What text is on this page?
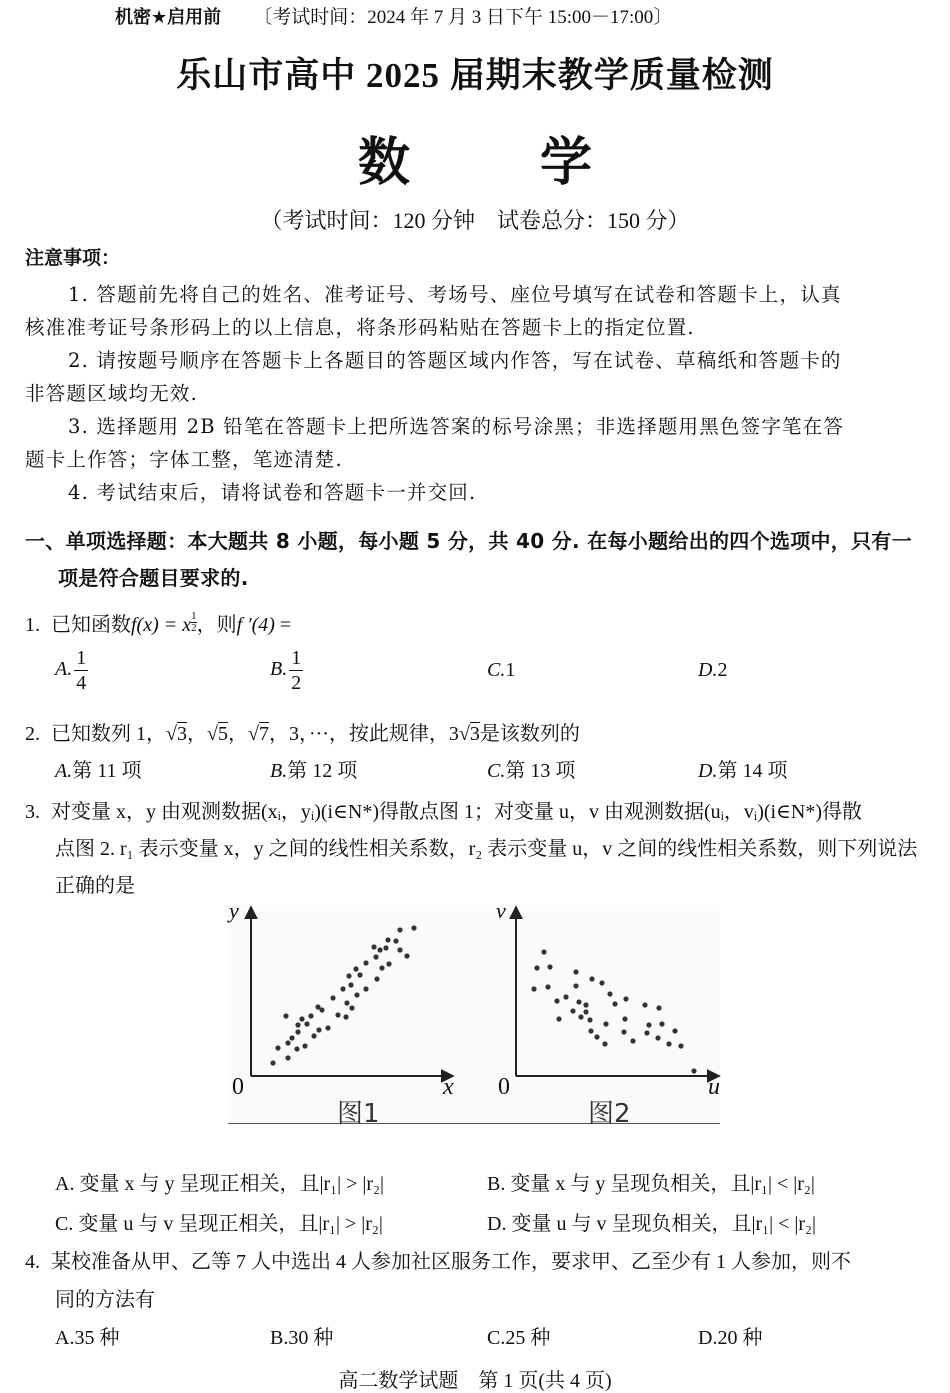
机密★启用前 〔考试时间：2024 年 7 月 3 日下午 15:00－17:00〕
乐山市高中 2025 届期末教学质量检测
数	学
（考试时间：120 分钟　试卷总分：150 分）
注意事项：
1. 答题前先将自己的姓名、准考证号、考场号、座位号填写在试卷和答题卡上，认真
核准准考证号条形码上的以上信息，将条形码粘贴在答题卡上的指定位置.
2. 请按题号顺序在答题卡上各题目的答题区域内作答，写在试卷、草稿纸和答题卡的
非答题区域均无效.
3. 选择题用 2B 铅笔在答题卡上把所选答案的标号涂黑；非选择题用黑色签字笔在答
题卡上作答；字体工整，笔迹清楚.
4. 考试结束后，请将试卷和答题卡一并交回.
一、单项选择题：本大题共 8 小题，每小题 5 分，共 40 分. 在每小题给出的四个选项中，只有一
项是符合题目要求的.
1. 已知函数f(x) = x $^{\frac{1}{2}}$ ，则f ′(4) =
A. $\frac{1}{4}$	B. $\frac{1}{2}$	C.1	D.2
2. 已知数列 1，√3，√5，√7，3，···，按此规律，3√3是该数列的
A.第 11 项	B.第 12 项	C.第 13 项	D.第 14 项
3. 对变量 x，y 由观测数据(xᵢ，yᵢ)(i∈N*)得散点图 1；对变量 u，v 由观测数据(uᵢ，vᵢ)(i∈N*)得散
点图 2. r₁ 表示变量 x，y 之间的线性相关系数，r₂ 表示变量 u，v 之间的线性相关系数，则下列说法
正确的是
y
0	x
图1
v
0	u
图2
A. 变量 x 与 y 呈现正相关，且|r₁| > |r₂|	B. 变量 x 与 y 呈现负相关，且|r₁| < |r₂|
C. 变量 u 与 v 呈现正相关，且|r₁| > |r₂|	D. 变量 u 与 v 呈现负相关，且|r₁| < |r₂|
4. 某校准备从甲、乙等 7 人中选出 4 人参加社区服务工作，要求甲、乙至少有 1 人参加，则不
同的方法有
A.35 种	B.30 种	C.25 种	D.20 种
高二数学试题　第 1 页(共 4 页)
